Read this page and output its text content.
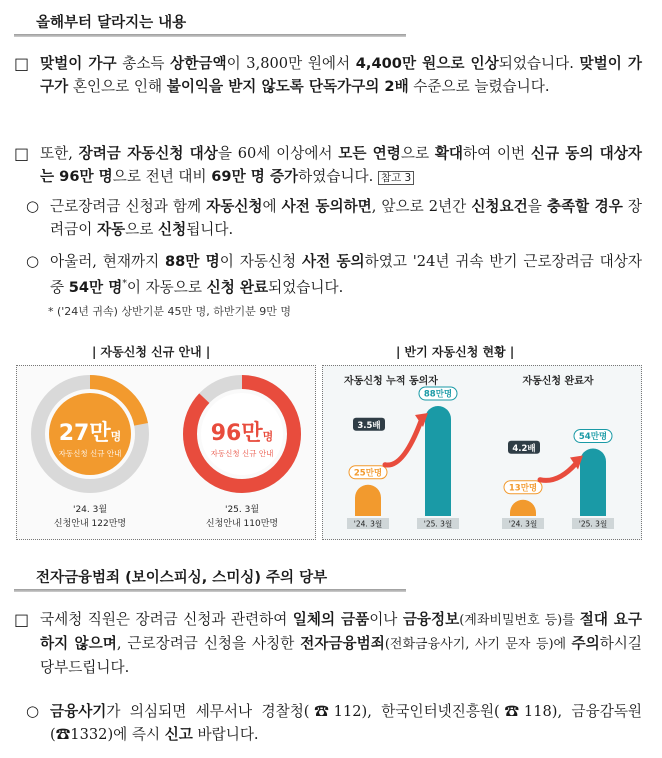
올해부터 달라지는 내용
□ 맞벌이 가구 총소득 상한금액이 3,800만 원에서 4,400만 원으로 인상되었습니다. 맞벌이 가구가 혼인으로 인해 불이익을 받지 않도록 단독가구의 2배 수준으로 늘렸습니다.
□ 또한, 장려금 자동신청 대상을 60세 이상에서 모든 연령으로 확대하여 이번 신규 동의 대상자는 96만 명으로 전년 대비 69만 명 증가하였습니다. 참고 3
○ 근로장려금 신청과 함께 자동신청에 사전 동의하면, 앞으로 2년간 신청요건을 충족할 경우 장려금이 자동으로 신청됩니다.
○ 아울러, 현재까지 88만 명이 자동신청 사전 동의하였고 '24년 귀속 반기 근로장려금 대상자 중 54만 명*이 자동으로 신청 완료되었습니다.
* ('24년 귀속) 상반기분 45만 명, 하반기분 9만 명
| 자동신청 신규 안내 |	| 반기 자동신청 현황 |
27만명
자동신청 신규 안내
'24. 3월
신청안내 122만명
96만명
자동신청 신규 안내
'25. 3월
신청안내 110만명
자동신청 누적 동의자
25만명
'24. 3월
88만명
'25. 3월
3.5배
자동신청 완료자
13만명
'24. 3월
54만명
'25. 3월
4.2배
전자금융범죄 (보이스피싱, 스미싱) 주의 당부
□ 국세청 직원은 장려금 신청과 관련하여 일체의 금품이나 금융정보(계좌비밀번호 등)를 절대 요구하지 않으며, 근로장려금 신청을 사칭한 전자금융범죄(전화금융사기, 사기 문자 등)에 주의하시길 당부드립니다.
○ 금융사기가 의심되면 세무서나 경찰청(☎112), 한국인터넷진흥원(☎118), 금융감독원(☎1332)에 즉시 신고 바랍니다.
